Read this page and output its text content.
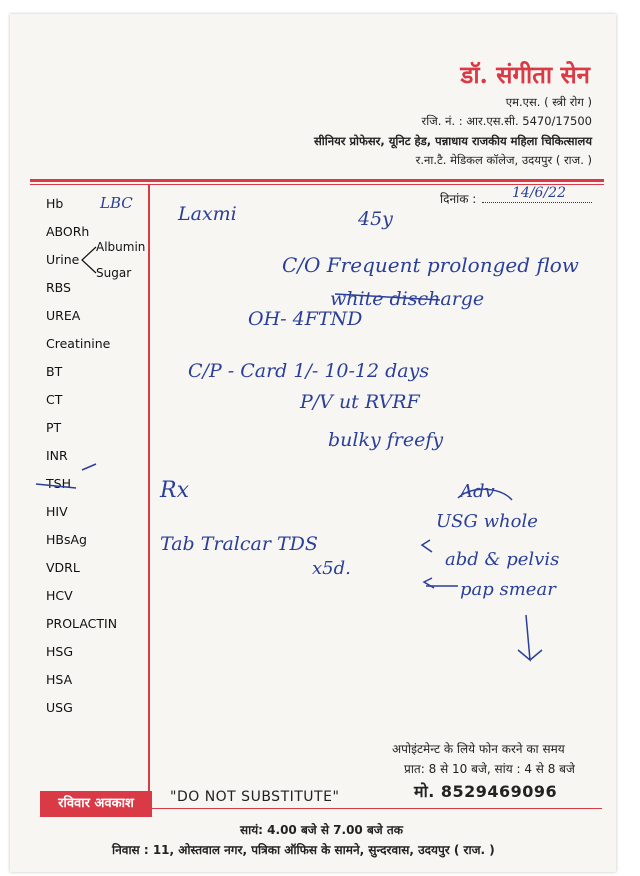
डॉ. संगीता सेन
एम.एस. ( स्त्री रोग )
रजि. नं. : आर.एस.सी. 5470/17500
सीनियर प्रोफेसर, यूनिट हेड, पन्नाधाय राजकीय महिला चिकित्सालय
र.ना.टै. मेडिकल कॉलेज, उदयपुर ( राज. )
दिनांक :
Hb
ABORh
Urine
RBS
UREA
Creatinine
BT
CT
PT
INR
TSH
HIV
HBsAg
VDRL
HCV
PROLACTIN
HSG
HSA
USG
Albumin
Sugar
अपोइंटमेन्ट के लिये फोन करने का समय
प्रात: 8 से 10 बजे, सांय : 4 से 8 बजे
मो. 8529469096
रविवार अवकाश	"DO NOT SUBSTITUTE"
सायं: 4.00 बजे से 7.00 बजे तक
निवास : 11, ओस्तवाल नगर, पत्रिका ऑफिस के सामने, सुन्दरवास, उदयपुर ( राज. )
14/6/22
LBC Laxmi	45y
C/O Frequent prolonged flow
white discharge
OH- 4FTND
C/P - Card 1/- 10-12 days
P/V ut RVRF
bulky freefy
Rx	Adv
USG whole
Tab Tralcar TDS
abd & pelvis
x5d.
pap smear
